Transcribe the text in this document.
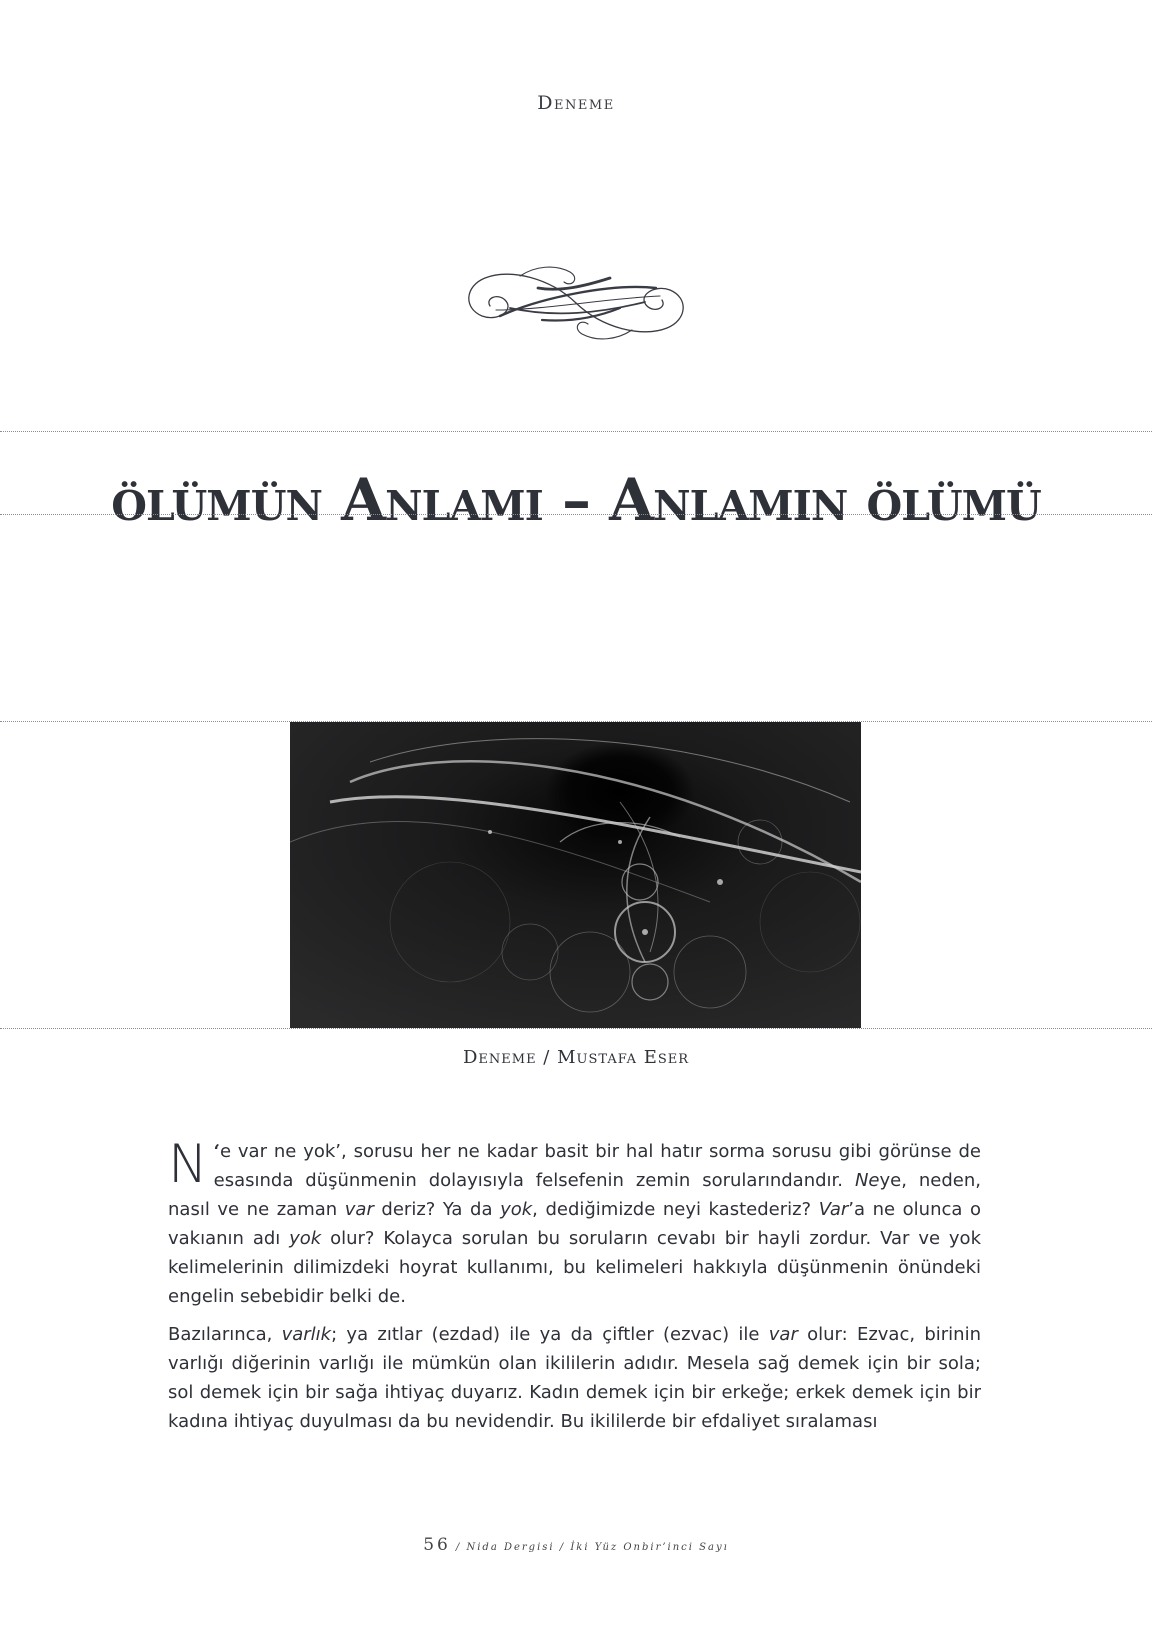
Deneme
ölümün Anlamı – Anlamın ölümü
Deneme / Mustafa Eser

‘
N e var ne yok’, sorusu her ne kadar basit bir hal hatır sorma sorusu gibi görünse de esasında düşünmenin dolayısıyla felsefenin zemin sorularındandır. Neye, neden, nasıl ve ne zaman var deriz? Ya da yok, dediğimizde neyi kastederiz? Var’a ne olunca o vakıanın adı yok olur? Kolayca sorulan bu soruların cevabı bir hayli zordur. Var ve yok kelimelerinin dilimizdeki hoyrat kullanımı, bu kelimeleri hakkıyla düşünmenin önündeki engelin sebebidir belki de.

Bazılarınca, varlık; ya zıtlar (ezdad) ile ya da çiftler (ezvac) ile var olur: Ezvac, birinin varlığı diğerinin varlığı ile mümkün olan ikililerin adıdır. Mesela sağ demek için bir sola; sol demek için bir sağa ihtiyaç duyarız. Kadın demek için bir erkeğe; erkek demek için bir kadına ihtiyaç duyulması da bu nevidendir. Bu ikililerde bir efdaliyet sıralaması

56 / Nida Dergisi / İki Yüz Onbir’inci Sayı
